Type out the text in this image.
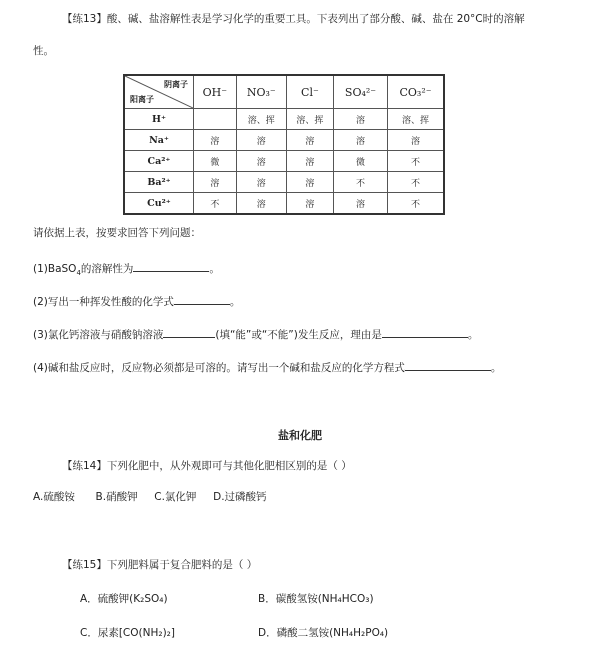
【练13】酸、碱、盐溶解性表是学习化学的重要工具。下表列出了部分酸、碱、盐在 20°C时的溶解
性。
阴离子
阳离子	OH⁻	NO₃⁻	Cl⁻	SO₄²⁻	CO₃²⁻
H⁺		溶、挥	溶、挥	溶	溶、挥
Na⁺	溶	溶	溶	溶	溶
Ca²⁺	微	溶	溶	微	不
Ba²⁺	溶	溶	溶	不	不
Cu²⁺	不	溶	溶	溶	不
请依据上表，按要求回答下列问题：
(1)BaSO$_4$的溶解性为	。
(2)写出一种挥发性酸的化学式	。
(3)氯化钙溶液与硝酸钠溶液	(填“能”或“不能”)发生反应，理由是	。
(4)碱和盐反应时，反应物必须都是可溶的。请写出一个碱和盐反应的化学方程式	。
盐和化肥
【练14】下列化肥中，从外观即可与其他化肥相区别的是（ ）
A.硫酸铵 B.硝酸钾 C.氯化钾 D.过磷酸钙
【练15】下列肥料属于复合肥料的是（ ）
A．硫酸钾(K₂SO₄)	B．碳酸氢铵(NH₄HCO₃)
C．尿素[CO(NH₂)₂]	D．磷酸二氢铵(NH₄H₂PO₄)
